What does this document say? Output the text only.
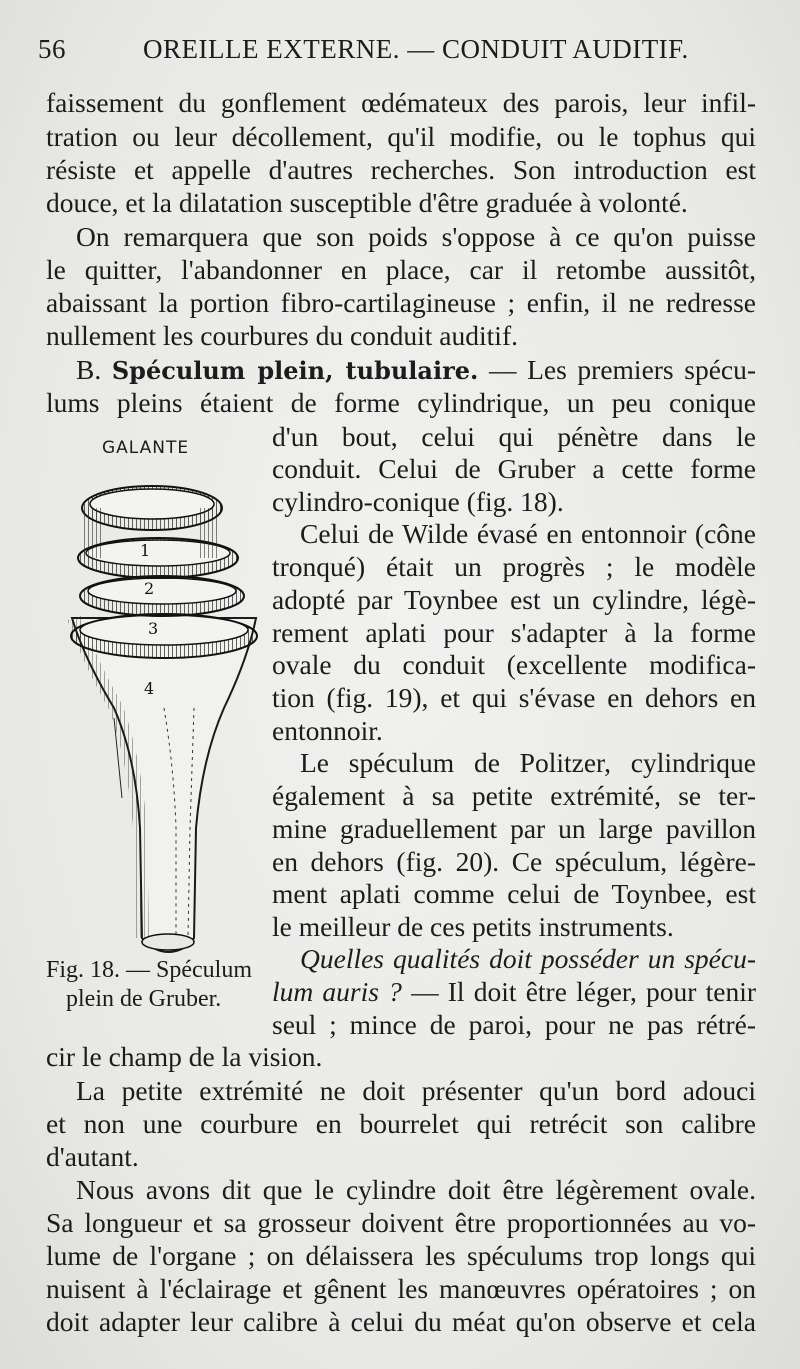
56	OREILLE EXTERNE. — CONDUIT AUDITIF.
faissement du gonflement œdémateux des parois, leur infil-
tration ou leur décollement, qu'il modifie, ou le tophus qui
résiste et appelle d'autres recherches. Son introduction est
douce, et la dilatation susceptible d'être graduée à volonté.
On remarquera que son poids s'oppose à ce qu'on puisse
le quitter, l'abandonner en place, car il retombe aussitôt,
abaissant la portion fibro-cartilagineuse ; enfin, il ne redresse
nullement les courbures du conduit auditif.
B. Spéculum plein, tubulaire. — Les premiers spécu-
lums pleins étaient de forme cylindrique, un peu conique
d'un bout, celui qui pénètre dans le
conduit. Celui de Gruber a cette forme
cylindro-conique (fig. 18).
Celui de Wilde évasé en entonnoir (cône
tronqué) était un progrès ; le modèle
adopté par Toynbee est un cylindre, légè-
rement aplati pour s'adapter à la forme
ovale du conduit (excellente modifica-
tion (fig. 19), et qui s'évase en dehors en
entonnoir.
Le spéculum de Politzer, cylindrique
également à sa petite extrémité, se ter-
mine graduellement par un large pavillon
en dehors (fig. 20). Ce spéculum, légère-
ment aplati comme celui de Toynbee, est
le meilleur de ces petits instruments.
Quelles qualités doit posséder un spécu-
lum auris ? — Il doit être léger, pour tenir
seul ; mince de paroi, pour ne pas rétré-
GALANTE
1
2
3
4
Fig. 18. — Spéculum
plein de Gruber.
cir le champ de la vision.
La petite extrémité ne doit présenter qu'un bord adouci
et non une courbure en bourrelet qui retrécit son calibre
d'autant.
Nous avons dit que le cylindre doit être légèrement ovale.
Sa longueur et sa grosseur doivent être proportionnées au vo-
lume de l'organe ; on délaissera les spéculums trop longs qui
nuisent à l'éclairage et gênent les manœuvres opératoires ; on
doit adapter leur calibre à celui du méat qu'on observe et cela
